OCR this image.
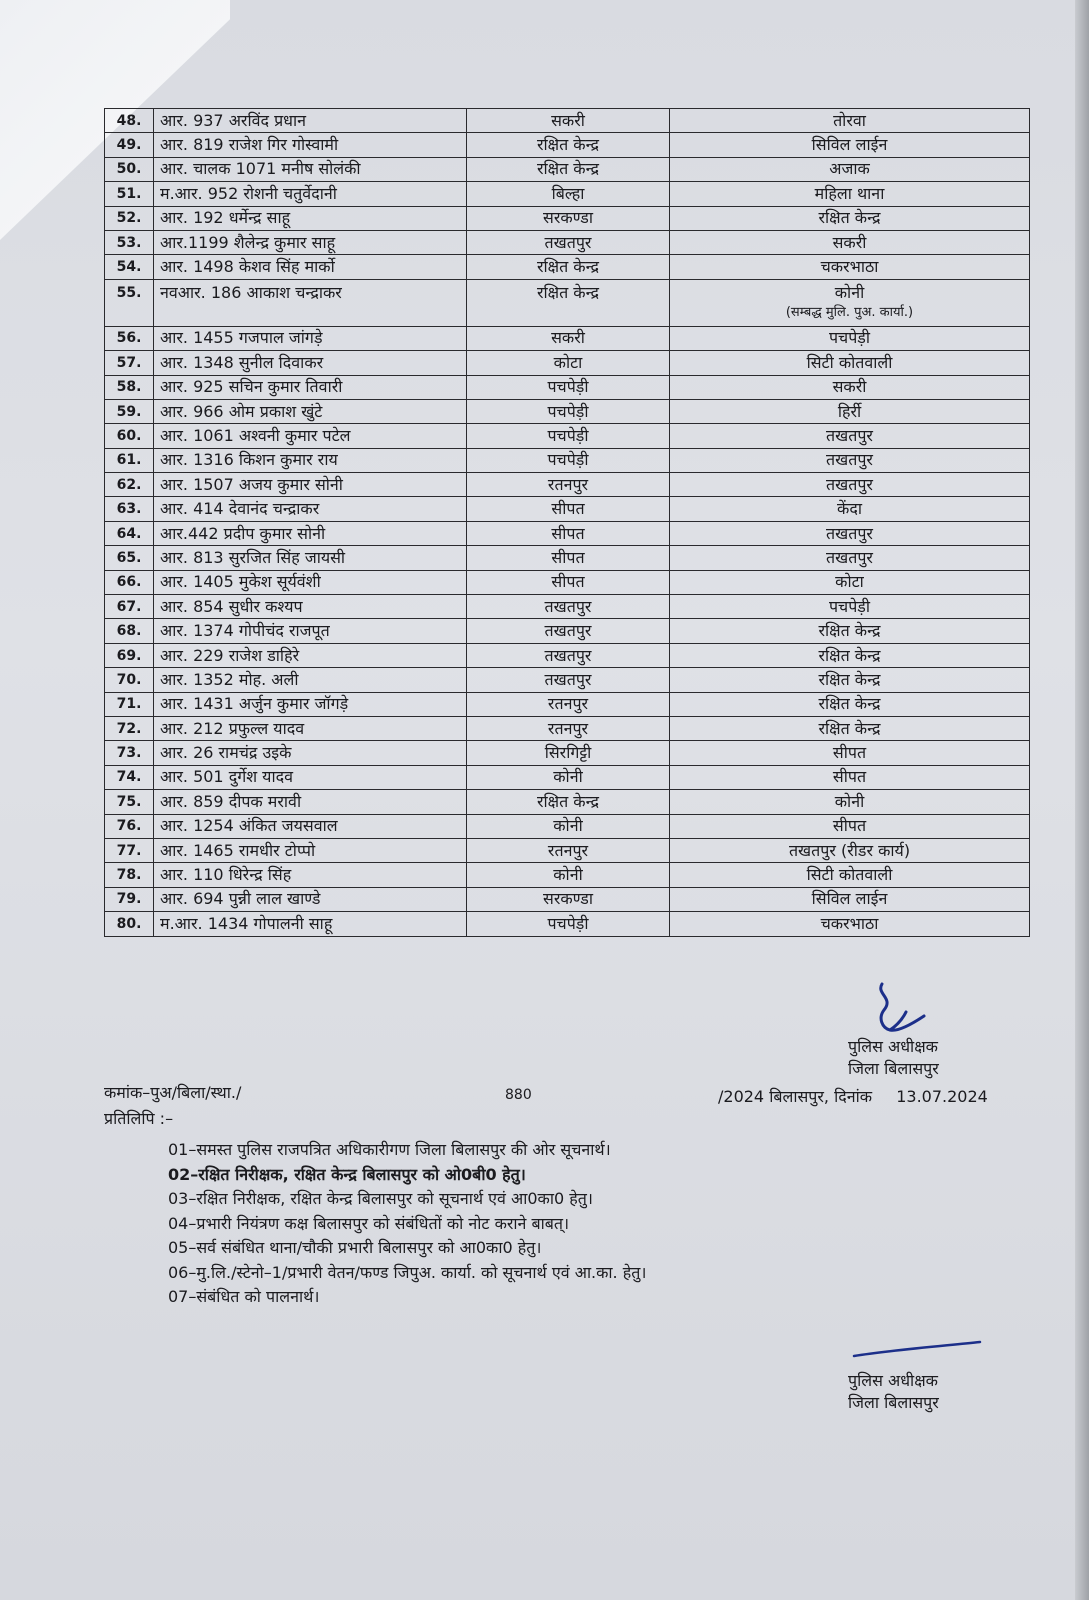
48.	आर. 937 अरविंद प्रधान	सकरी	तोरवा
49.	आर. 819 राजेश गिर गोस्वामी	रक्षित केन्द्र	सिविल लाईन
50.	आर. चालक 1071 मनीष सोलंकी	रक्षित केन्द्र	अजाक
51.	म.आर. 952 रोशनी चतुर्वेदानी	बिल्हा	महिला थाना
52.	आर. 192 धर्मेन्द्र साहू	सरकण्डा	रक्षित केन्द्र
53.	आर.1199 शैलेन्द्र कुमार साहू	तखतपुर	सकरी
54.	आर. 1498 केशव सिंह मार्को	रक्षित केन्द्र	चकरभाठा
55.	नवआर. 186 आकाश चन्द्राकर	रक्षित केन्द्र	कोनी
(सम्बद्ध मुलि. पुअ. कार्या.)

56.	आर. 1455 गजपाल जांगड़े	सकरी	पचपेड़ी
57.	आर. 1348 सुनील दिवाकर	कोटा	सिटी कोतवाली
58.	आर. 925 सचिन कुमार तिवारी	पचपेड़ी	सकरी
59.	आर. 966 ओम प्रकाश खुंटे	पचपेड़ी	हिर्री
60.	आर. 1061 अश्वनी कुमार पटेल	पचपेड़ी	तखतपुर
61.	आर. 1316 किशन कुमार राय	पचपेड़ी	तखतपुर
62.	आर. 1507 अजय कुमार सोनी	रतनपुर	तखतपुर
63.	आर. 414 देवानंद चन्द्राकर	सीपत	केंदा
64.	आर.442 प्रदीप कुमार सोनी	सीपत	तखतपुर
65.	आर. 813 सुरजित सिंह जायसी	सीपत	तखतपुर
66.	आर. 1405 मुकेश सूर्यवंशी	सीपत	कोटा
67.	आर. 854 सुधीर कश्यप	तखतपुर	पचपेड़ी
68.	आर. 1374 गोपीचंद राजपूत	तखतपुर	रक्षित केन्द्र
69.	आर. 229 राजेश डाहिरे	तखतपुर	रक्षित केन्द्र
70.	आर. 1352 मोह. अली	तखतपुर	रक्षित केन्द्र
71.	आर. 1431 अर्जुन कुमार जॉगड़े	रतनपुर	रक्षित केन्द्र
72.	आर. 212 प्रफुल्ल यादव	रतनपुर	रक्षित केन्द्र
73.	आर. 26 रामचंद्र उइके	सिरगिट्टी	सीपत
74.	आर. 501 दुर्गेश यादव	कोनी	सीपत
75.	आर. 859 दीपक मरावी	रक्षित केन्द्र	कोनी
76.	आर. 1254 अंकित जयसवाल	कोनी	सीपत
77.	आर. 1465 रामधीर टोप्पो	रतनपुर	तखतपुर (रीडर कार्य)
78.	आर. 110 धिरेन्द्र सिंह	कोनी	सिटी कोतवाली
79.	आर. 694 पुन्नी लाल खाण्डे	सरकण्डा	सिविल लाईन
80.	म.आर. 1434 गोपालनी साहू	पचपेड़ी	चकरभाठा
पुलिस अधीक्षक
जिला बिलासपुर
कमांक–पुअ/बिला/स्था./	880	/2024 बिलासपुर, दिनांक 13.07.2024
प्रतिलिपि :–
01–समस्त पुलिस राजपत्रित अधिकारीगण जिला बिलासपुर की ओर सूचनार्थ।
02–रक्षित निरीक्षक, रक्षित केन्द्र बिलासपुर को ओ0बी0 हेतु।
03–रक्षित निरीक्षक, रक्षित केन्द्र बिलासपुर को सूचनार्थ एवं आ0का0 हेतु।
04–प्रभारी नियंत्रण कक्ष बिलासपुर को संबंधितों को नोट कराने बाबत्।
05–सर्व संबंधित थाना/चौकी प्रभारी बिलासपुर को आ0का0 हेतु।
06–मु.लि./स्टेनो–1/प्रभारी वेतन/फण्ड जिपुअ. कार्या. को सूचनार्थ एवं आ.का. हेतु।
07–संबंधित को पालनार्थ।
पुलिस अधीक्षक
जिला बिलासपुर
